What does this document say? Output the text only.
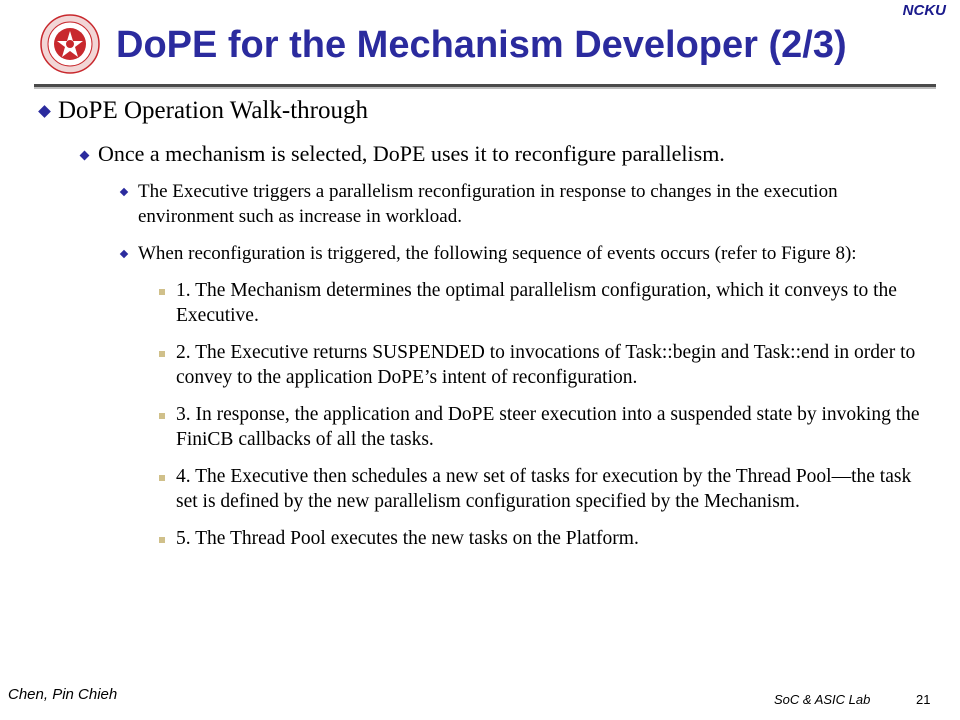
NCKU
DoPE for the Mechanism Developer (2/3)
DoPE Operation Walk-through
Once a mechanism is selected, DoPE uses it to reconfigure parallelism.
The Executive triggers a parallelism reconfiguration in response to changes in the execution environment such as increase in workload.
When reconfiguration is triggered, the following sequence of events occurs (refer to Figure 8):
1. The Mechanism determines the optimal parallelism configuration, which it conveys to the Executive.
2. The Executive returns SUSPENDED to invocations of Task::begin and Task::end in order to convey to the application DoPE’s intent of reconfiguration.
3. In response, the application and DoPE steer execution into a suspended state by invoking the FiniCB callbacks of all the tasks.
4. The Executive then schedules a new set of tasks for execution by the Thread Pool—the task set is defined by the new parallelism configuration specified by the Mechanism.
5. The Thread Pool executes the new tasks on the Platform.
Chen, Pin Chieh	SoC & ASIC Lab	21
